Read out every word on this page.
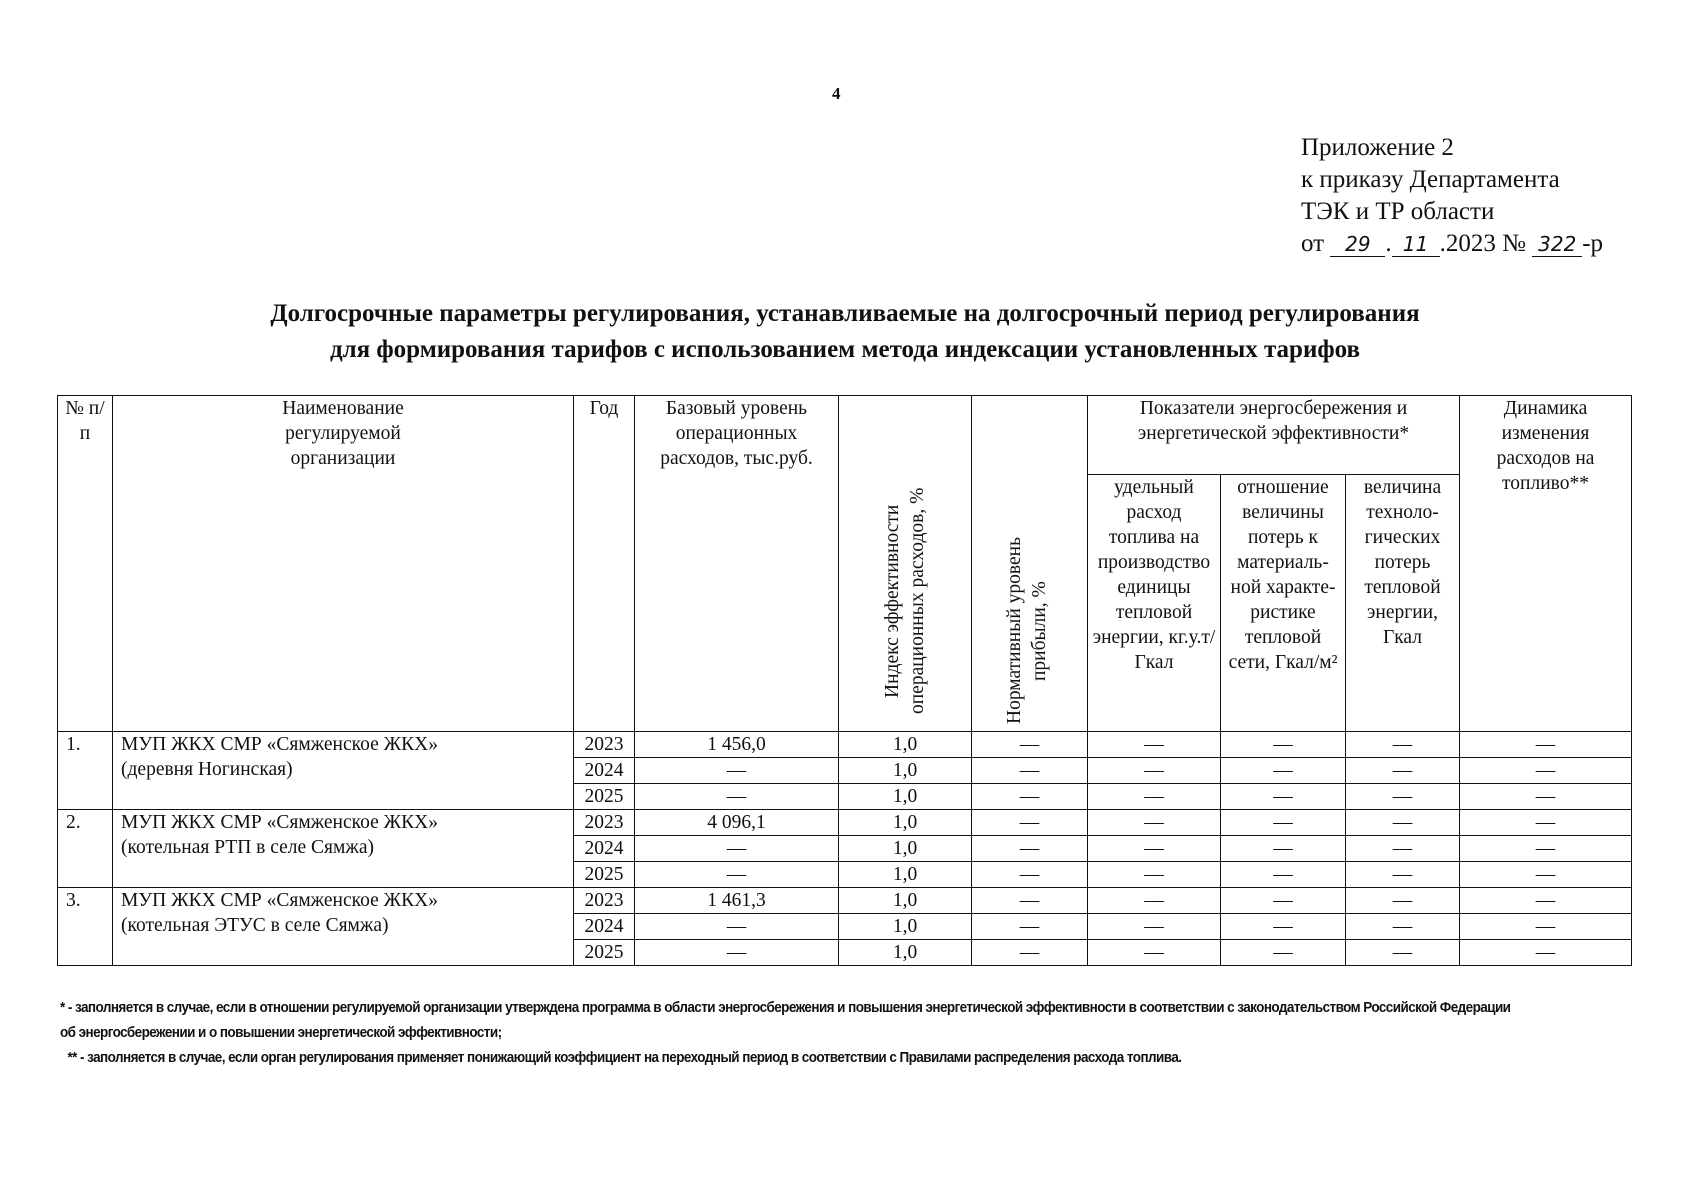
4
Приложение 2
к приказу Департамента
ТЭК и ТР области
от 29 . 11 .2023 № 322 -р
Долгосрочные параметры регулирования, устанавливаемые на долгосрочный период регулирования
для формирования тарифов с использованием метода индексации установленных тарифов
№ п/п	Наименование регулируемой организации	Год	Базовый уровень операционных расходов, тыс.руб.	Индекс эффективности операционных расходов, %	Нормативный уровень прибыли, %	Показатели энергосбережения и энергетической эффективности*			Динамика изменения расходов на топливо**
						удельный расход топлива на производство единицы тепловой энергии, кг.у.т/Гкал	отношение величины потерь к материаль-ной характе-ристике тепловой сети, Гкал/м²	величина техноло-гических потерь тепловой энергии, Гкал	
1.	МУП ЖКХ СМР «Сямженское ЖКХ» (деревня Ногинская)	2023	1 456,0	1,0	—	—	—	—	—
		2024	—	1,0	—	—	—	—	—
		2025	—	1,0	—	—	—	—	—
2.	МУП ЖКХ СМР «Сямженское ЖКХ» (котельная РТП в селе Сямжа)	2023	4 096,1	1,0	—	—	—	—	—
		2024	—	1,0	—	—	—	—	—
		2025	—	1,0	—	—	—	—	—
3.	МУП ЖКХ СМР «Сямженское ЖКХ» (котельная ЭТУС в селе Сямжа)	2023	1 461,3	1,0	—	—	—	—	—
		2024	—	1,0	—	—	—	—	—
		2025	—	1,0	—	—	—	—	—
* - заполняется в случае, если в отношении регулируемой организации утверждена программа в области энергосбережения и повышения энергетической эффективности в соответствии с законодательством Российской Федерации об энергосбережении и о повышении энергетической эффективности;
** - заполняется в случае, если орган регулирования применяет понижающий коэффициент на переходный период в соответствии с Правилами распределения расхода топлива.
